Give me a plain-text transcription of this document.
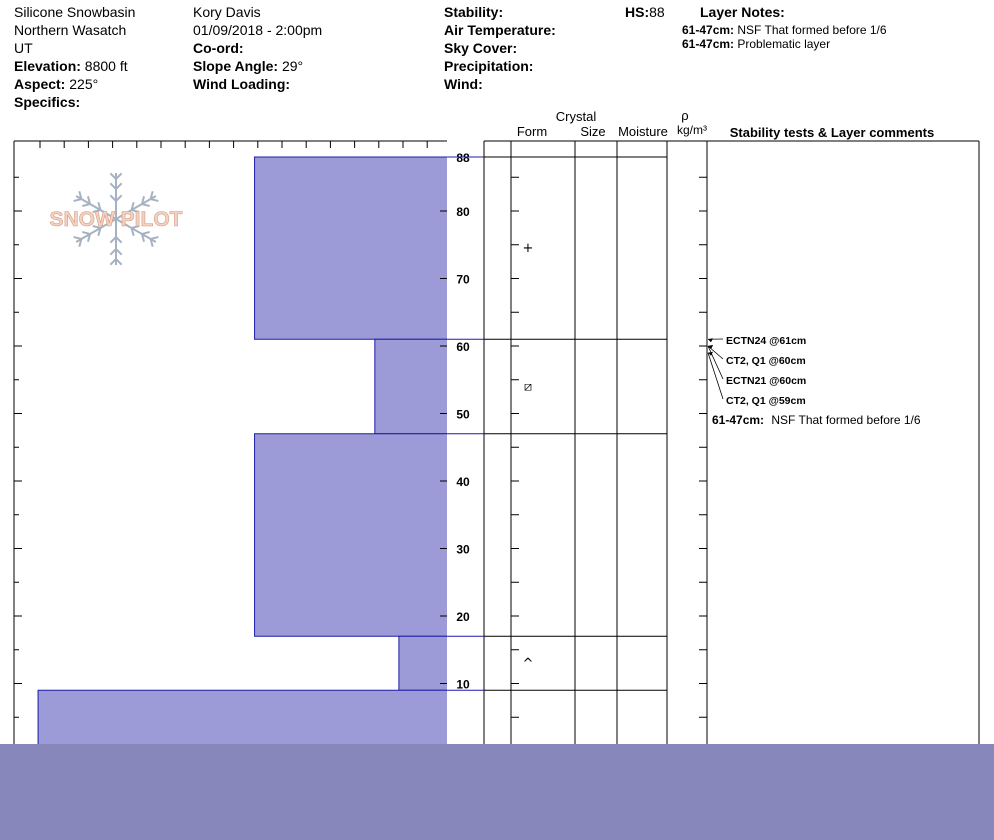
Silicone Snowbasin
Northern Wasatch
UT
Elevation: 8800 ft
Aspect: 225°
Specifics:
Kory Davis
01/09/2018 - 2:00pm
Co-ord:
Slope Angle: 29°
Wind Loading:
Stability:
Air Temperature:
Sky Cover:
Precipitation:
Wind:
HS:88	Layer Notes:
61-47cm: NSF That formed before 1/6
61-47cm: Problematic layer
SNOW PILOT
88
80
70
60
50
40
30
20
10
Crystal
Form	Size Moisture
ρ
kg/m³ Stability tests & Layer comments
+
⧄
^
ECTN24 @61cm
CT2, Q1 @60cm
ECTN21 @60cm
CT2, Q1 @59cm
61-47cm: NSF That formed before 1/6
